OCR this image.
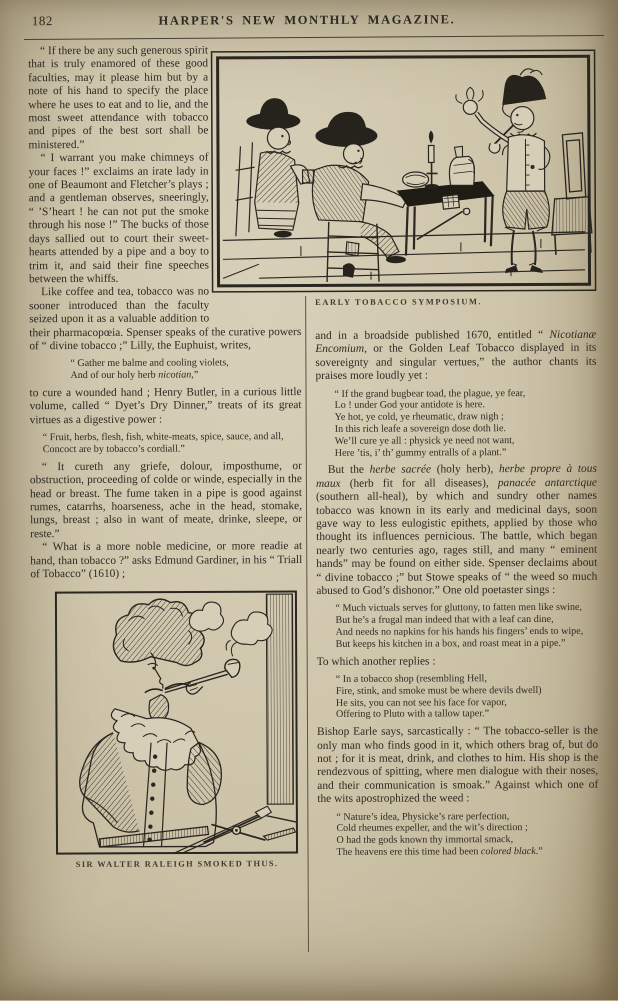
182	HARPER'S NEW MONTHLY MAGAZINE.
EARLY TOBACCO SYMPOSIUM.

“ If there be any such generous spirit that is truly enamored of these good faculties, may it please him but by a note of his hand to specify the place where he uses to eat and to lie, and the most sweet attendance with tobacco and pipes of the best sort shall be ministered.”

“ I warrant you make chimneys of your faces !” exclaims an irate lady in one of Beaumont and Fletcher’s plays ; and a gentleman observes, sneeringly, “ ’S’heart ! he can not put the smoke through his nose !” The bucks of those days sallied out to court their sweet-hearts attended by a pipe and a boy to trim it, and said their fine speeches between the whiffs.

Like coffee and tea, tobacco was no sooner introduced than the faculty seized upon it as a valuable addition to their pharmacopœia. Spenser speaks of the curative powers of “ divine tobacco ;” Lilly, the Euphuist, writes,

“ Gather me balme and cooling violets,
And of our holy herb nicotian,”

to cure a wounded hand ; Henry Butler, in a curious little volume, called “ Dyet’s Dry Dinner,” treats of its great virtues as a digestive power :

“ Fruit, herbs, flesh, fish, white-meats, spice, sauce, and all,
Concoct are by tobacco’s cordiall.”

“ It cureth any griefe, dolour, imposthume, or obstruction, proceeding of colde or winde, especially in the head or breast. The fume taken in a pipe is good against rumes, catarrhs, hoarseness, ache in the head, stomake, lungs, breast ; also in want of meate, drinke, sleepe, or reste.”

“ What is a more noble medicine, or more readie at hand, than tobacco ?” asks Edmund Gardiner, in his “ Triall of Tobacco” (1610) ;

SIR WALTER RALEIGH SMOKED THUS.

and in a broadside published 1670, entitled “ Nicotianæ Encomium, or the Golden Leaf Tobacco displayed in its sovereignty and singular vertues,” the author chants its praises more loudly yet :

“ If the grand bugbear toad, the plague, ye fear,
Lo ! under God your antidote is here.
Ye hot, ye cold, ye rheumatic, draw nigh ;
In this rich leafe a sovereign dose doth lie.
We’ll cure ye all : physick ye need not want,
Here ’tis, i’ th’ gummy entralls of a plant.”

But the herbe sacrée (holy herb), herbe propre à tous maux (herb fit for all diseases), panacée antarctique (southern all-heal), by which and sundry other names tobacco was known in its early and medicinal days, soon gave way to less eulogistic epithets, applied by those who thought its influences pernicious. The battle, which began nearly two centuries ago, rages still, and many “ eminent hands” may be found on either side. Spenser declaims about “ divine tobacco ;” but Stowe speaks of “ the weed so much abused to God’s dishonor.” One old poetaster sings :

“ Much victuals serves for gluttony, to fatten men like swine,
But he’s a frugal man indeed that with a leaf can dine,
And needs no napkins for his hands his fingers’ ends to wipe,
But keeps his kitchen in a box, and roast meat in a pipe.”

To which another replies :

“ In a tobacco shop (resembling Hell,
Fire, stink, and smoke must be where devils dwell)
He sits, you can not see his face for vapor,
Offering to Pluto with a tallow taper.”

Bishop Earle says, sarcastically : “ The tobacco-seller is the only man who finds good in it, which others brag of, but do not ; for it is meat, drink, and clothes to him. His shop is the rendezvous of spitting, where men dialogue with their noses, and their communication is smoak.” Against which one of the wits apostrophized the weed :

“ Nature’s idea, Physicke’s rare perfection,
Cold rheumes expeller, and the wit’s direction ;
O had the gods known thy immortal smack,
The heavens ere this time had been colored black.”
